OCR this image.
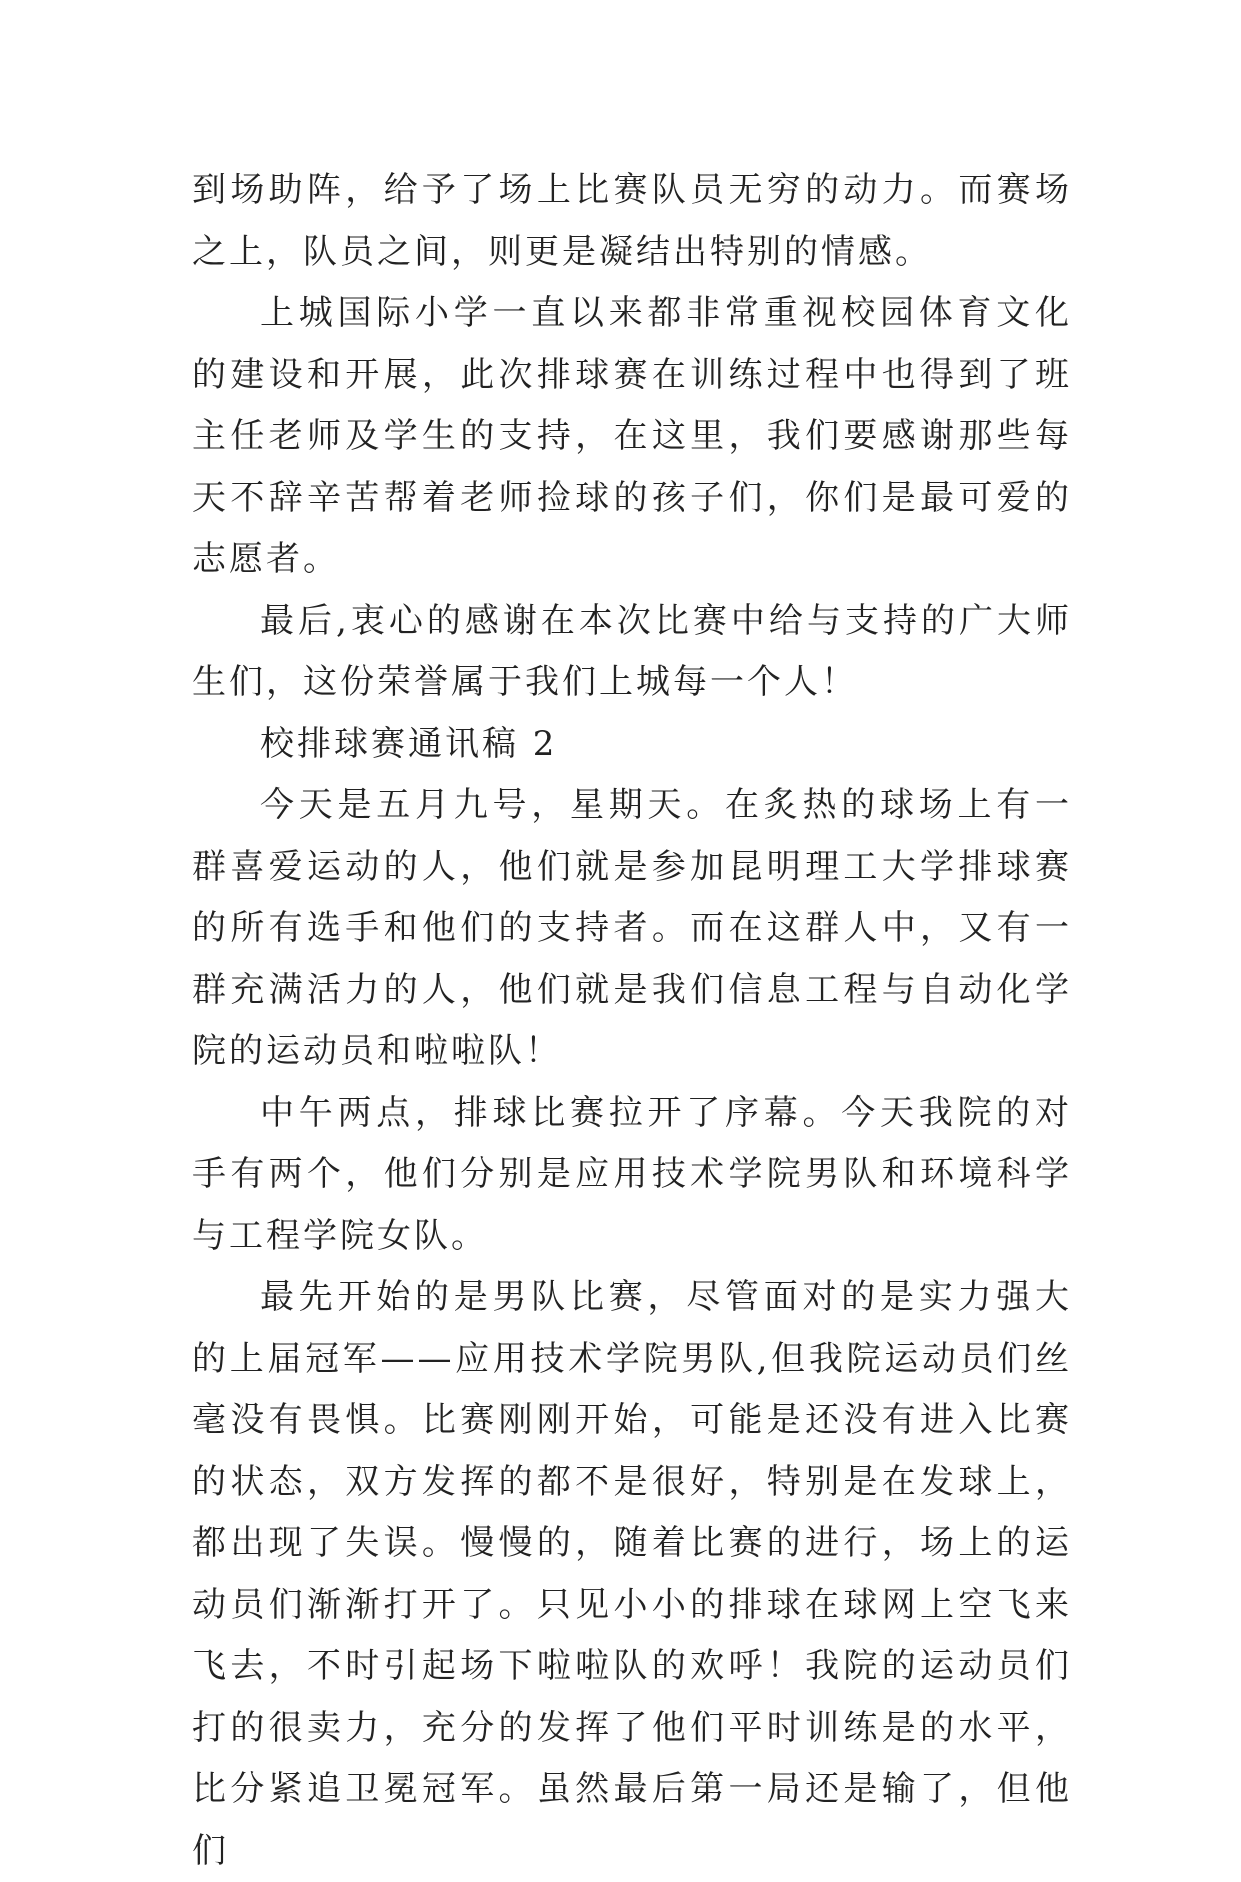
到场助阵，给予了场上比赛队员无穷的动力。而赛场之上，队员之间，则更是凝结出特别的情感。

上城国际小学一直以来都非常重视校园体育文化的建设和开展，此次排球赛在训练过程中也得到了班主任老师及学生的支持，在这里，我们要感谢那些每天不辞辛苦帮着老师捡球的孩子们，你们是最可爱的志愿者。

最后,衷心的感谢在本次比赛中给与支持的广大师生们，这份荣誉属于我们上城每一个人！

校排球赛通讯稿 2

今天是五月九号，星期天。在炙热的球场上有一群喜爱运动的人，他们就是参加昆明理工大学排球赛的所有选手和他们的支持者。而在这群人中，又有一群充满活力的人，他们就是我们信息工程与自动化学院的运动员和啦啦队！

中午两点，排球比赛拉开了序幕。今天我院的对手有两个，他们分别是应用技术学院男队和环境科学与工程学院女队。

最先开始的是男队比赛，尽管面对的是实力强大的上届冠军——应用技术学院男队,但我院运动员们丝毫没有畏惧。比赛刚刚开始，可能是还没有进入比赛的状态，双方发挥的都不是很好，特别是在发球上，都出现了失误。慢慢的，随着比赛的进行，场上的运动员们渐渐打开了。只见小小的排球在球网上空飞来飞去，不时引起场下啦啦队的欢呼！我院的运动员们打的很卖力，充分的发挥了他们平时训练是的水平，比分紧追卫冕冠军。虽然最后第一局还是输了，但他们
